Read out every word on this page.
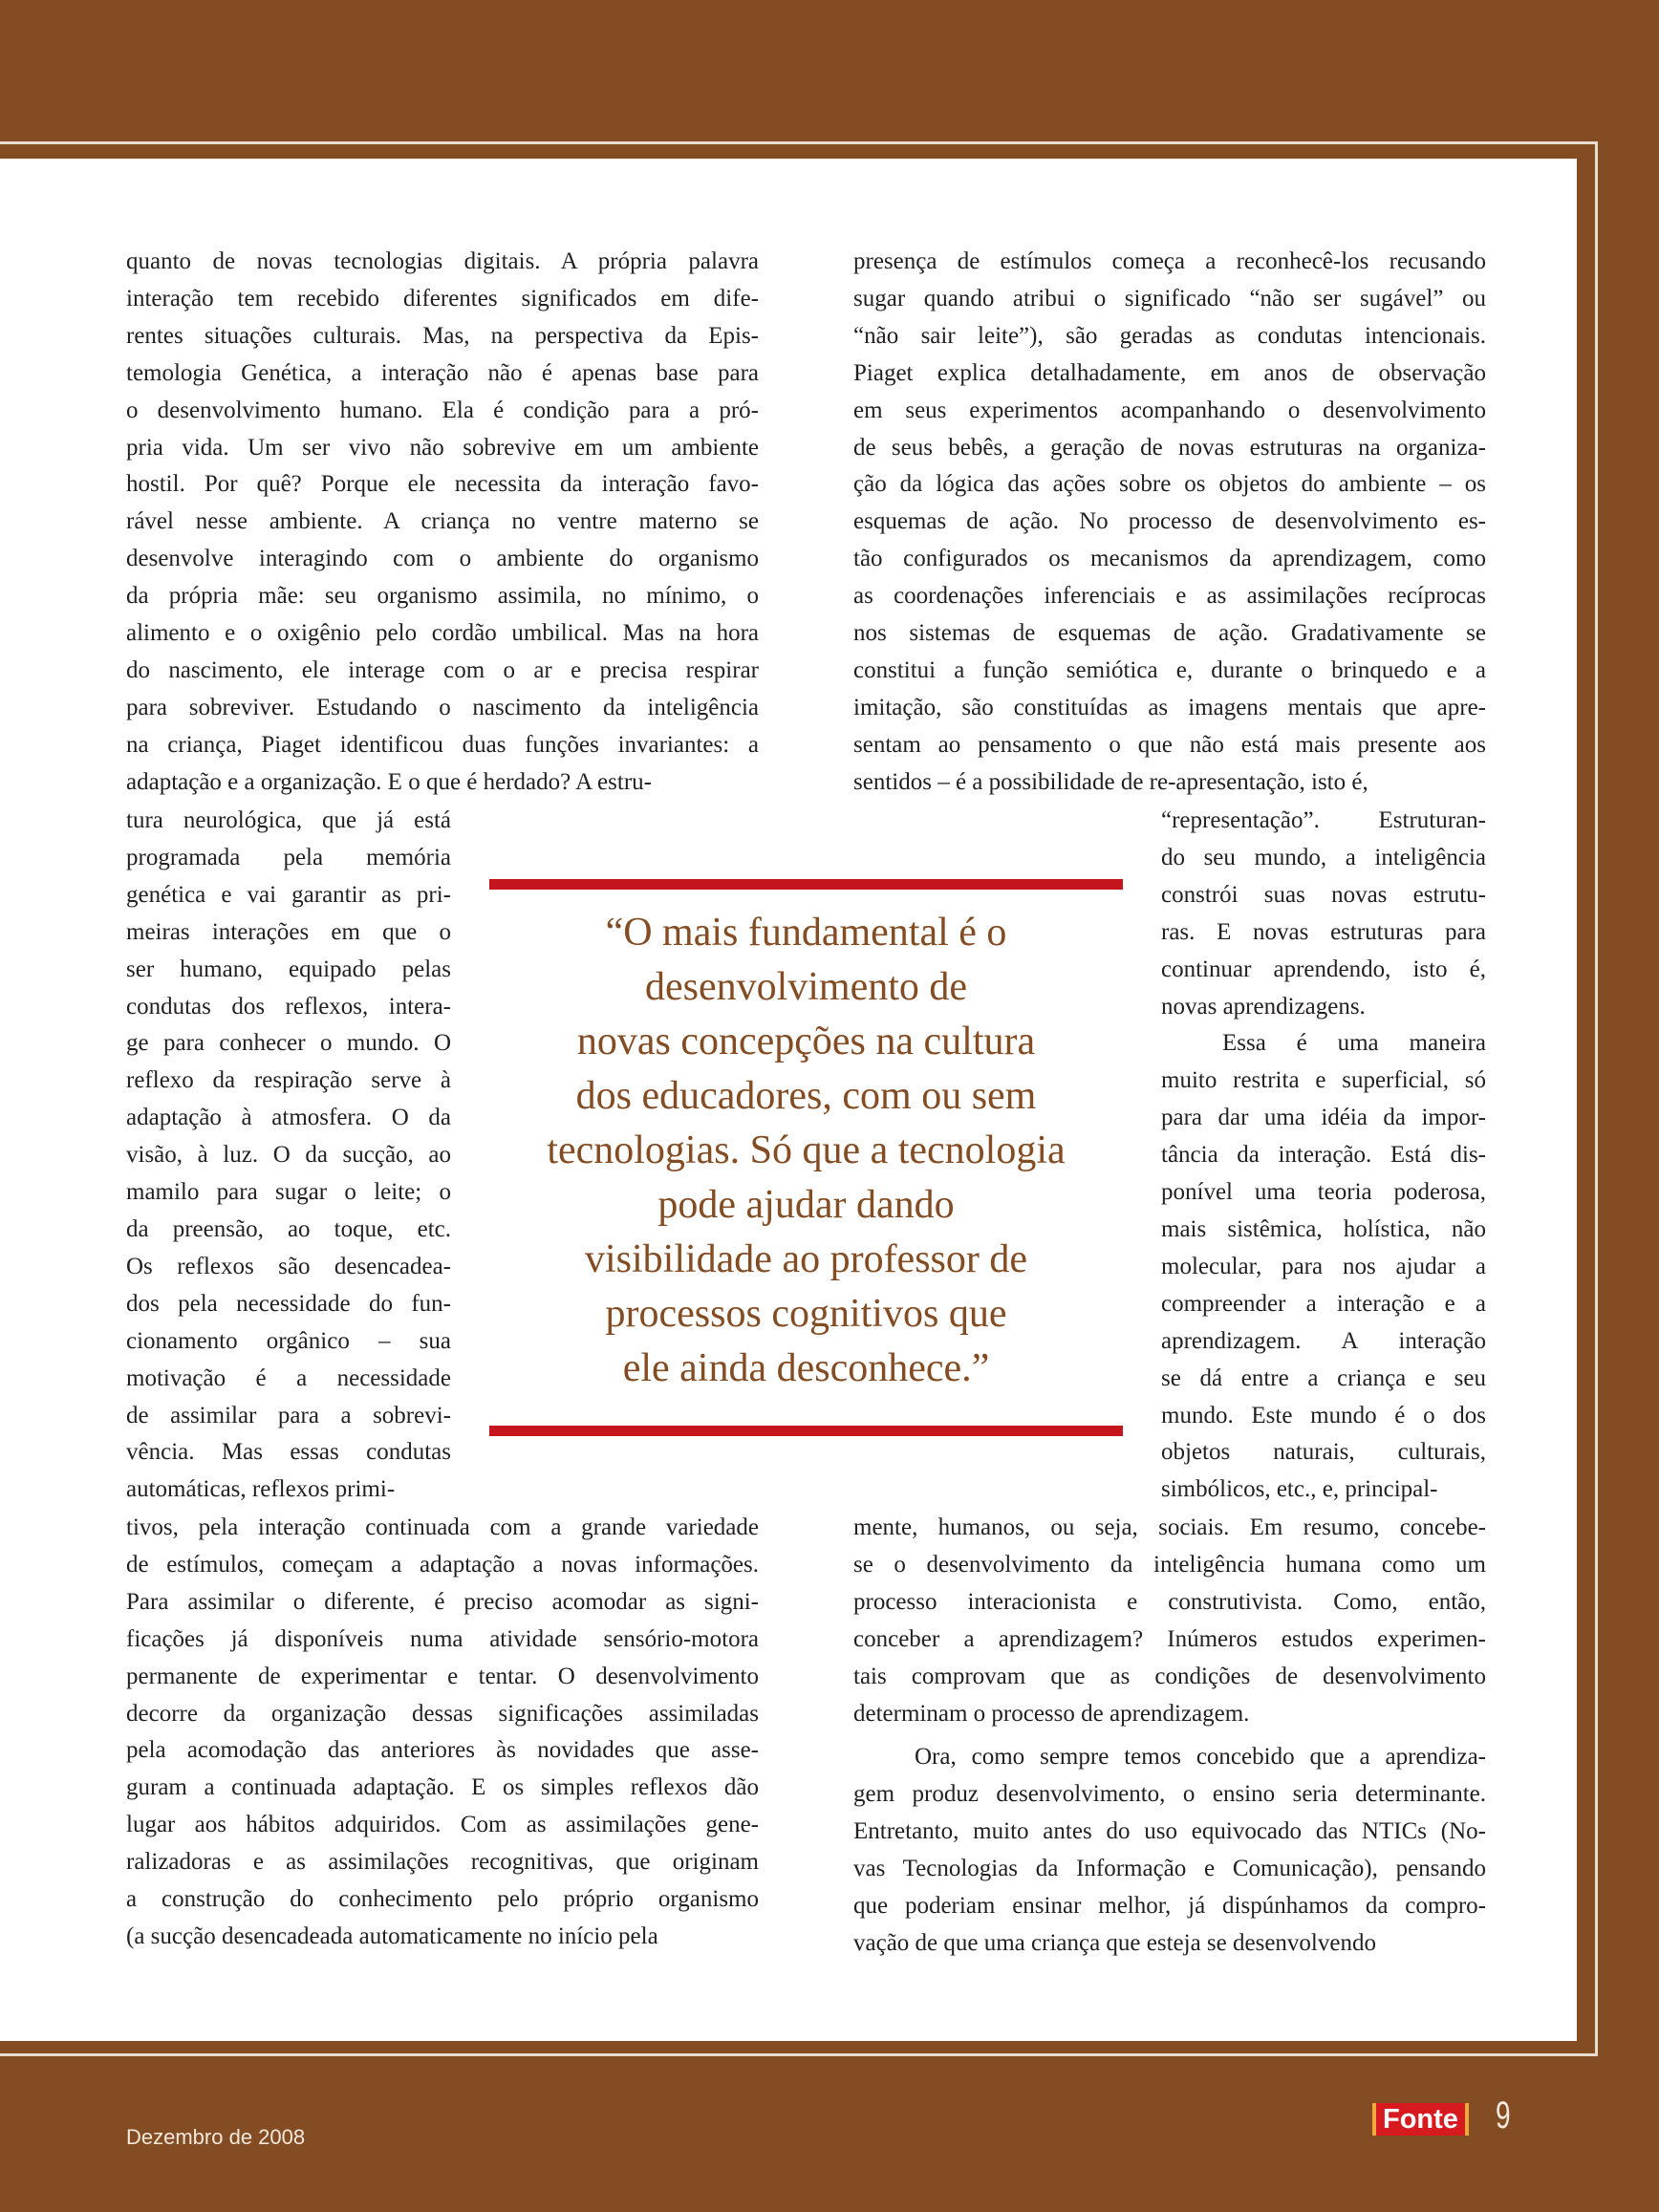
quanto de novas tecnologias digitais. A própria palavra
interação tem recebido diferentes significados em dife-
rentes situações culturais. Mas, na perspectiva da Epis-
temologia Genética, a interação não é apenas base para
o desenvolvimento humano. Ela é condição para a pró-
pria vida. Um ser vivo não sobrevive em um ambiente
hostil. Por quê? Porque ele necessita da interação favo-
rável nesse ambiente. A criança no ventre materno se
desenvolve interagindo com o ambiente do organismo
da própria mãe: seu organismo assimila, no mínimo, o
alimento e o oxigênio pelo cordão umbilical. Mas na hora
do nascimento, ele interage com o ar e precisa respirar
para sobreviver. Estudando o nascimento da inteligência
na criança, Piaget identificou duas funções invariantes: a
adaptação e a organização. E o que é herdado? A estru-
tura neurológica, que já está
programada pela memória
genética e vai garantir as pri-
meiras interações em que o
ser humano, equipado pelas
condutas dos reflexos, intera-
ge para conhecer o mundo. O
reflexo da respiração serve à
adaptação à atmosfera. O da
visão, à luz. O da sucção, ao
mamilo para sugar o leite; o
da preensão, ao toque, etc.
Os reflexos são desencadea-
dos pela necessidade do fun-
cionamento orgânico – sua
motivação é a necessidade
de assimilar para a sobrevi-
vência. Mas essas condutas
automáticas, reflexos primi-
tivos, pela interação continuada com a grande variedade
de estímulos, começam a adaptação a novas informações.
Para assimilar o diferente, é preciso acomodar as signi-
ficações já disponíveis numa atividade sensório-motora
permanente de experimentar e tentar. O desenvolvimento
decorre da organização dessas significações assimiladas
pela acomodação das anteriores às novidades que asse-
guram a continuada adaptação. E os simples reflexos dão
lugar aos hábitos adquiridos. Com as assimilações gene-
ralizadoras e as assimilações recognitivas, que originam
a construção do conhecimento pelo próprio organismo
(a sucção desencadeada automaticamente no início pela
presença de estímulos começa a reconhecê-los recusando
sugar quando atribui o significado “não ser sugável” ou
“não sair leite”), são geradas as condutas intencionais.
Piaget explica detalhadamente, em anos de observação
em seus experimentos acompanhando o desenvolvimento
de seus bebês, a geração de novas estruturas na organiza-
ção da lógica das ações sobre os objetos do ambiente – os
esquemas de ação. No processo de desenvolvimento es-
tão configurados os mecanismos da aprendizagem, como
as coordenações inferenciais e as assimilações recíprocas
nos sistemas de esquemas de ação. Gradativamente se
constitui a função semiótica e, durante o brinquedo e a
imitação, são constituídas as imagens mentais que apre-
sentam ao pensamento o que não está mais presente aos
sentidos – é a possibilidade de re-apresentação, isto é,
“representação”. Estruturan-
do seu mundo, a inteligência
constrói suas novas estrutu-
ras. E novas estruturas para
continuar aprendendo, isto é,
novas aprendizagens.
Essa é uma maneira
muito restrita e superficial, só
para dar uma idéia da impor-
tância da interação. Está dis-
ponível uma teoria poderosa,
mais sistêmica, holística, não
molecular, para nos ajudar a
compreender a interação e a
aprendizagem. A interação
se dá entre a criança e seu
mundo. Este mundo é o dos
objetos naturais, culturais,
simbólicos, etc., e, principal-
mente, humanos, ou seja, sociais. Em resumo, concebe-
se o desenvolvimento da inteligência humana como um
processo interacionista e construtivista. Como, então,
conceber a aprendizagem? Inúmeros estudos experimen-
tais comprovam que as condições de desenvolvimento
determinam o processo de aprendizagem.
Ora, como sempre temos concebido que a aprendiza-
gem produz desenvolvimento, o ensino seria determinante.
Entretanto, muito antes do uso equivocado das NTICs (No-
vas Tecnologias da Informação e Comunicação), pensando
que poderiam ensinar melhor, já dispúnhamos da compro-
vação de que uma criança que esteja se desenvolvendo
“O mais fundamental é o
desenvolvimento de
novas concepções na cultura
dos educadores, com ou sem
tecnologias. Só que a tecnologia
pode ajudar dando
visibilidade ao professor de
processos cognitivos que
ele ainda desconhece.”
Dezembro de 2008
Fonte 9
